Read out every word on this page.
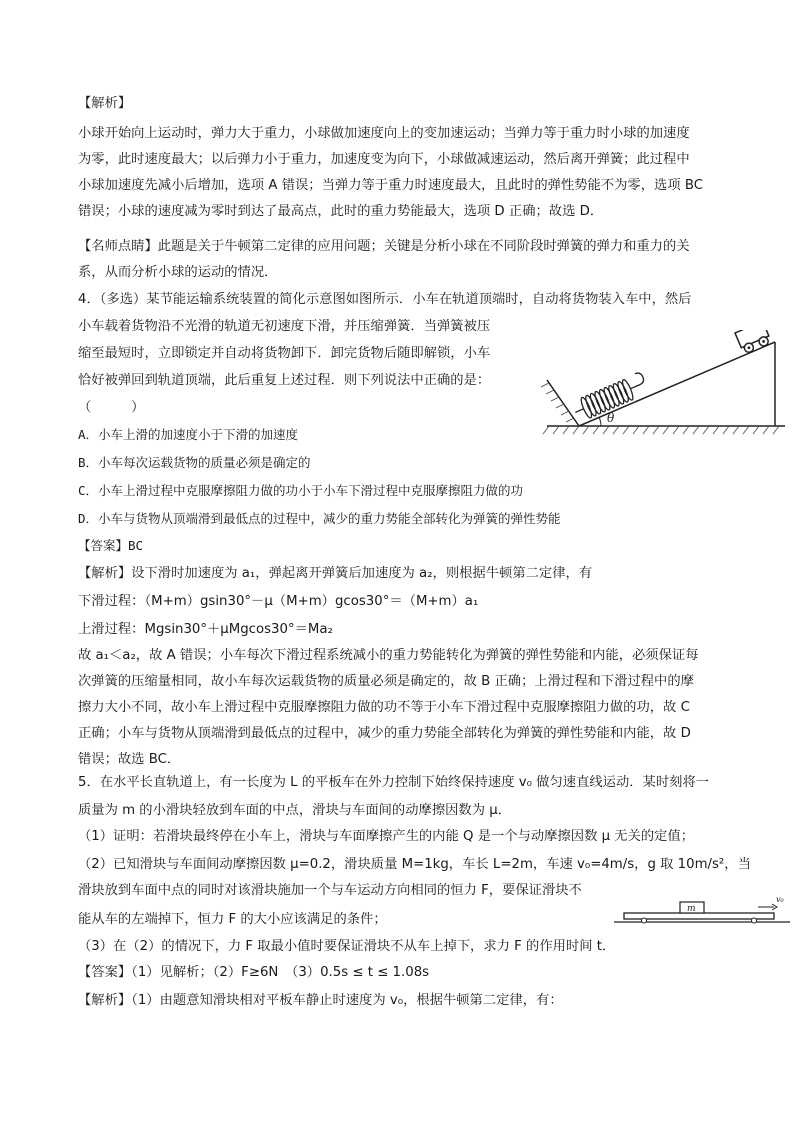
【解析】
小球开始向上运动时，弹力大于重力，小球做加速度向上的变加速运动；当弹力等于重力时小球的加速度
为零，此时速度最大；以后弹力小于重力，加速度变为向下，小球做减速运动，然后离开弹簧；此过程中
小球加速度先减小后增加，选项 A 错误；当弹力等于重力时速度最大，且此时的弹性势能不为零，选项 BC
错误；小球的速度减为零时到达了最高点，此时的重力势能最大，选项 D 正确；故选 D．
【名师点睛】此题是关于牛顿第二定律的应用问题；关键是分析小球在不同阶段时弹簧的弹力和重力的关
系，从而分析小球的运动的情况．
4．（多选）某节能运输系统装置的简化示意图如图所示．小车在轨道顶端时，自动将货物装入车中，然后
小车载着货物沿不光滑的轨道无初速度下滑，并压缩弹簧．当弹簧被压
缩至最短时，立即锁定并自动将货物卸下．卸完货物后随即解锁，小车
恰好被弹回到轨道顶端，此后重复上述过程．则下列说法中正确的是：
（　　　）
A．小车上滑的加速度小于下滑的加速度
B．小车每次运载货物的质量必须是确定的
C．小车上滑过程中克服摩擦阻力做的功小于小车下滑过程中克服摩擦阻力做的功
D．小车与货物从顶端滑到最低点的过程中，减少的重力势能全部转化为弹簧的弹性势能
【答案】BC
【解析】设下滑时加速度为 a₁，弹起离开弹簧后加速度为 a₂，则根据牛顿第二定律，有
下滑过程：（M+m）gsin30°－μ（M+m）gcos30°＝（M+m）a₁
上滑过程：Mgsin30°＋μMgcos30°＝Ma₂
故 a₁＜a₂，故 A 错误；小车每次下滑过程系统减小的重力势能转化为弹簧的弹性势能和内能，必须保证每
次弹簧的压缩量相同，故小车每次运载货物的质量必须是确定的，故 B 正确；上滑过程和下滑过程中的摩
擦力大小不同，故小车上滑过程中克服摩擦阻力做的功不等于小车下滑过程中克服摩擦阻力做的功，故 C
正确；小车与货物从顶端滑到最低点的过程中，减少的重力势能全部转化为弹簧的弹性势能和内能，故 D
错误；故选 BC．
5．在水平长直轨道上，有一长度为 L 的平板车在外力控制下始终保持速度 v₀ 做匀速直线运动．某时刻将一
质量为 m 的小滑块轻放到车面的中点，滑块与车面间的动摩擦因数为 μ．
（1）证明：若滑块最终停在小车上，滑块与车面摩擦产生的内能 Q 是一个与动摩擦因数 μ 无关的定值；
（2）已知滑块与车面间动摩擦因数 μ=0.2，滑块质量 M=1kg，车长 L=2m，车速 v₀=4m/s，g 取 10m/s²，当
滑块放到车面中点的同时对该滑块施加一个与车运动方向相同的恒力 F，要保证滑块不
能从车的左端掉下，恒力 F 的大小应该满足的条件；
（3）在（2）的情况下，力 F 取最小值时要保证滑块不从车上掉下，求力 F 的作用时间 t．
【答案】（1）见解析；（2）F≥6N　（3）0.5s ≤ t ≤ 1.08s
【解析】（1）由题意知滑块相对平板车静止时速度为 v₀，根据牛顿第二定律，有：
θ
m
v₀
